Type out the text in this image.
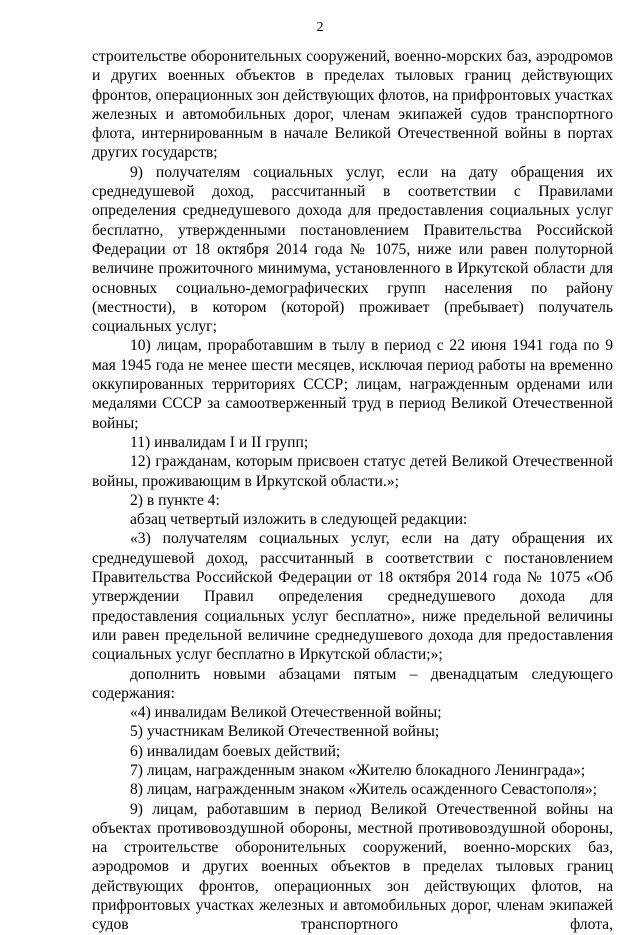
2

строительстве оборонительных сооружений, военно-морских баз, аэродромов и других военных объектов в пределах тыловых границ действующих фронтов, операционных зон действующих флотов, на прифронтовых участках железных и автомобильных дорог, членам экипажей судов транспортного флота, интернированным в начале Великой Отечественной войны в портах других государств;

9) получателям социальных услуг, если на дату обращения их среднедушевой доход, рассчитанный в соответствии с Правилами определения среднедушевого дохода для предоставления социальных услуг бесплатно, утвержденными постановлением Правительства Российской Федерации от 18 октября 2014 года № 1075, ниже или равен полуторной величине прожиточного минимума, установленного в Иркутской области для основных социально-демографических групп населения по району (местности), в котором (которой) проживает (пребывает) получатель социальных услуг;

10) лицам, проработавшим в тылу в период с 22 июня 1941 года по 9 мая 1945 года не менее шести месяцев, исключая период работы на временно оккупированных территориях СССР; лицам, награжденным орденами или медалями СССР за самоотверженный труд в период Великой Отечественной войны;

11) инвалидам I и II групп;

12) гражданам, которым присвоен статус детей Великой Отечественной войны, проживающим в Иркутской области.»;

2) в пункте 4:

абзац четвертый изложить в следующей редакции:

«3) получателям социальных услуг, если на дату обращения их среднедушевой доход, рассчитанный в соответствии с постановлением Правительства Российской Федерации от 18 октября 2014 года № 1075 «Об утверждении Правил определения среднедушевого дохода для предоставления социальных услуг бесплатно», ниже предельной величины или равен предельной величине среднедушевого дохода для предоставления социальных услуг бесплатно в Иркутской области;»;

дополнить новыми абзацами пятым – двенадцатым следующего содержания:

«4) инвалидам Великой Отечественной войны;

5) участникам Великой Отечественной войны;

6) инвалидам боевых действий;

7) лицам, награжденным знаком «Жителю блокадного Ленинграда»;

8) лицам, награжденным знаком «Житель осажденного Севастополя»;

9) лицам, работавшим в период Великой Отечественной войны на объектах противовоздушной обороны, местной противовоздушной обороны, на строительстве оборонительных сооружений, военно-морских баз, аэродромов и других военных объектов в пределах тыловых границ действующих фронтов, операционных зон действующих флотов, на прифронтовых участках железных и автомобильных дорог, членам экипажей судов транспортного флота,
